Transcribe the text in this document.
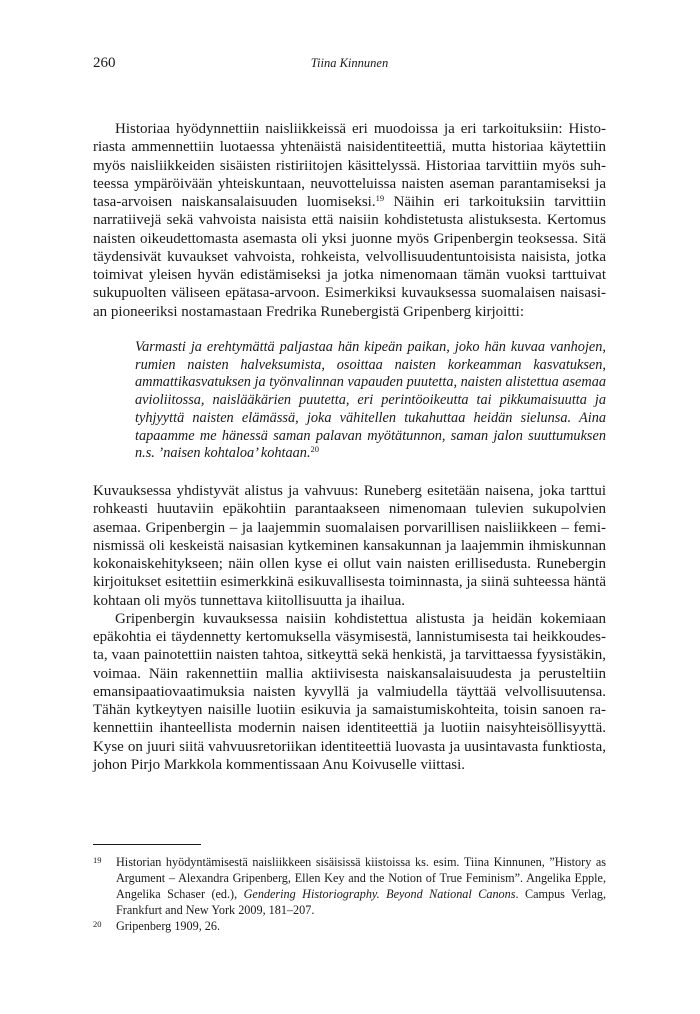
260	Tiina Kinnunen

Historiaa hyödynnettiin naisliikkeissä eri muodoissa ja eri tarkoituksiin: Historiasta ammennettiin luotaessa yhtenäistä naisidentiteettiä, mutta historiaa käytettiin myös naisliikkeiden sisäisten ristiriitojen käsittelyssä. Historiaa tarvittiin myös suhteessa ympäröivään yhteiskuntaan, neuvotteluissa naisten aseman parantamiseksi ja tasa-arvoisen naiskansalaisuuden luomiseksi.$^{19}$ Näihin eri tarkoituksiin tarvittiin narratiivejä sekä vahvoista naisista että naisiin kohdistetusta alistuksesta. Kertomus naisten oikeudettomasta asemasta oli yksi juonne myös Gripenbergin teoksessa. Sitä täydensivät kuvaukset vahvoista, rohkeista, velvollisuudentuntoisista naisista, jotka toimivat yleisen hyvän edistämiseksi ja jotka nimenomaan tämän vuoksi tarttuivat sukupuolten väliseen epätasa-arvoon. Esimerkiksi kuvauksessa suomalaisen naisasian pioneeriksi nostamastaan Fredrika Runebergistä Gripenberg kirjoitti:

Varmasti ja erehtymättä paljastaa hän kipeän paikan, joko hän kuvaa vanhojen, rumien naisten halveksumista, osoittaa naisten korkeamman kasvatuksen, ammattikasvatuksen ja työnvalinnan vapauden puutetta, naisten alistettua asemaa avioliitossa, naislääkärien puutetta, eri perintöoikeutta tai pikkumaisuutta ja tyhjyyttä naisten elämässä, joka vähitellen tukahuttaa heidän sielunsa. Aina tapaamme me hänessä saman palavan myötätunnon, saman jalon suuttumuksen n.s. ’naisen kohtaloa’ kohtaan.$^{20}$

Kuvauksessa yhdistyvät alistus ja vahvuus: Runeberg esitetään naisena, joka tarttui rohkeasti huutaviin epäkohtiin parantaakseen nimenomaan tulevien sukupolvien asemaa. Gripenbergin – ja laajemmin suomalaisen porvarillisen naisliikkeen – feminismissä oli keskeistä naisasian kytkeminen kansakunnan ja laajemmin ihmiskunnan kokonaiskehitykseen; näin ollen kyse ei ollut vain naisten erillisedusta. Runebergin kirjoitukset esitettiin esimerkkinä esikuvallisesta toiminnasta, ja siinä suhteessa häntä kohtaan oli myös tunnettava kiitollisuutta ja ihailua.

Gripenbergin kuvauksessa naisiin kohdistettua alistusta ja heidän kokemiaan epäkohtia ei täydennetty kertomuksella väsymisestä, lannistumisesta tai heikkoudesta, vaan painotettiin naisten tahtoa, sitkeyttä sekä henkistä, ja tarvittaessa fyysistäkin, voimaa. Näin rakennettiin mallia aktiivisesta naiskansalaisuudesta ja perusteltiin emansipaatiovaatimuksia naisten kyvyllä ja valmiudella täyttää velvollisuutensa. Tähän kytkeytyen naisille luotiin esikuvia ja samaistumiskohteita, toisin sanoen rakennettiin ihanteellista modernin naisen identiteettiä ja luotiin naisyhteisöllisyyttä. Kyse on juuri siitä vahvuusretoriikan identiteettiä luovasta ja uusintavasta funktiosta, johon Pirjo Markkola kommentissaan Anu Koivuselle viittasi.

19 Historian hyödyntämisestä naisliikkeen sisäisissä kiistoissa ks. esim. Tiina Kinnunen, ”History as Argument – Alexandra Gripenberg, Ellen Key and the Notion of True Feminism”. Angelika Epple, Angelika Schaser (ed.), Gendering Historiography. Beyond National Canons. Campus Verlag, Frankfurt and New York 2009, 181–207.

20 Gripenberg 1909, 26.
